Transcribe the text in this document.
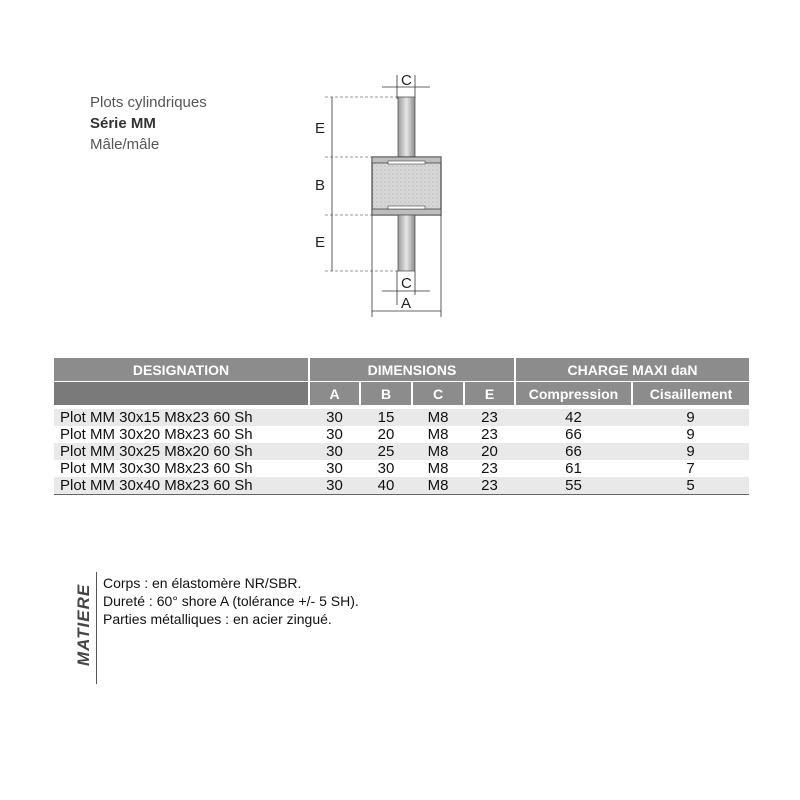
Plots cylindriques
Série MM
Mâle/mâle
C
E
B
E
C
A
DESIGNATION	DIMENSIONS				CHARGE MAXI daN	
	A	B	C	E	Compression	Cisaillement

Plot MM 30x15 M8x23 60 Sh	30	15	M8	23	42	9
Plot MM 30x20 M8x23 60 Sh	30	20	M8	23	66	9
Plot MM 30x25 M8x20 60 Sh	30	25	M8	20	66	9
Plot MM 30x30 M8x23 60 Sh	30	30	M8	23	61	7
Plot MM 30x40 M8x23 60 Sh	30	40	M8	23	55	5
MATIERE
Corps : en élastomère NR/SBR.
Dureté : 60° shore A (tolérance +/- 5 SH).
Parties métalliques : en acier zingué.
